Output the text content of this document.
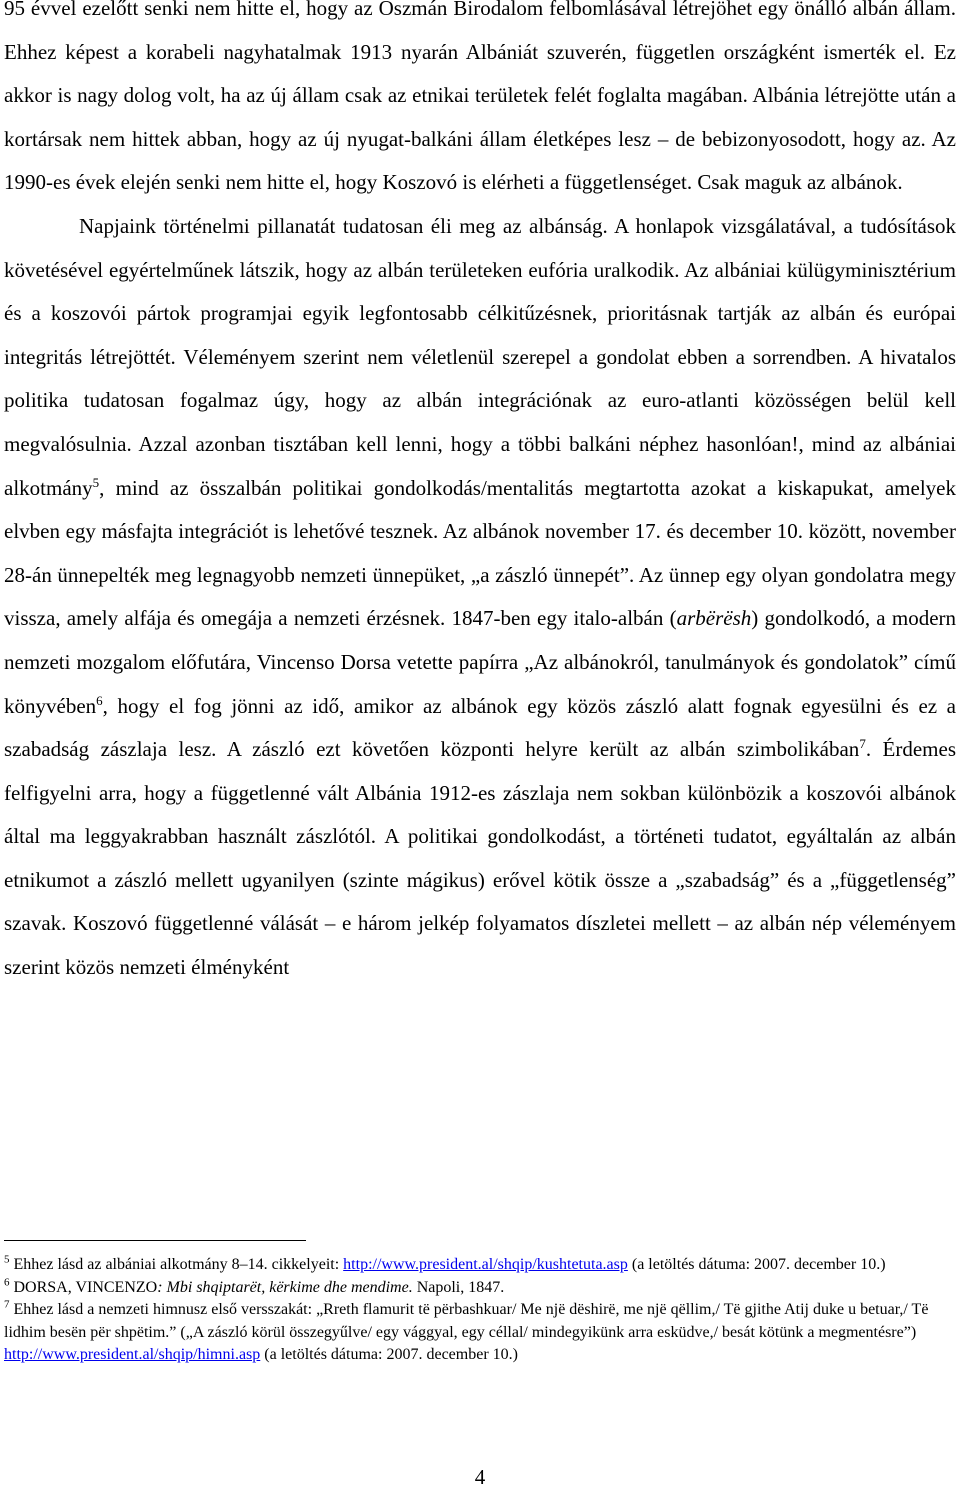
95 évvel ezelőtt senki nem hitte el, hogy az Oszmán Birodalom felbomlásával létrejöhet egy önálló albán állam. Ehhez képest a korabeli nagyhatalmak 1913 nyarán Albániát szuverén, független országként ismerték el. Ez akkor is nagy dolog volt, ha az új állam csak az etnikai területek felét foglalta magában. Albánia létrejötte után a kortársak nem hittek abban, hogy az új nyugat-balkáni állam életképes lesz – de bebizonyosodott, hogy az. Az 1990-es évek elején senki nem hitte el, hogy Koszovó is elérheti a függetlenséget. Csak maguk az albánok.

Napjaink történelmi pillanatát tudatosan éli meg az albánság. A honlapok vizsgálatával, a tudósítások követésével egyértelműnek látszik, hogy az albán területeken eufória uralkodik. Az albániai külügyminisztérium és a koszovói pártok programjai egyik legfontosabb célkitűzésnek, prioritásnak tartják az albán és európai integritás létrejöttét. Véleményem szerint nem véletlenül szerepel a gondolat ebben a sorrendben. A hivatalos politika tudatosan fogalmaz úgy, hogy az albán integrációnak az euro-atlanti közösségen belül kell megvalósulnia. Azzal azonban tisztában kell lenni, hogy a többi balkáni néphez hasonlóan!, mind az albániai alkotmány$^5$, mind az összalbán politikai gondolkodás/mentalitás megtartotta azokat a kiskapukat, amelyek elvben egy másfajta integrációt is lehetővé tesznek. Az albánok november 17. és december 10. között, november 28-án ünnepelték meg legnagyobb nemzeti ünnepüket, „a zászló ünnepét”. Az ünnep egy olyan gondolatra megy vissza, amely alfája és omegája a nemzeti érzésnek. 1847-ben egy italo-albán (arbërësh) gondolkodó, a modern nemzeti mozgalom előfutára, Vincenso Dorsa vetette papírra „Az albánokról, tanulmányok és gondolatok” című könyvében$^6$, hogy el fog jönni az idő, amikor az albánok egy közös zászló alatt fognak egyesülni és ez a szabadság zászlaja lesz. A zászló ezt követően központi helyre került az albán szimbolikában$^7$. Érdemes felfigyelni arra, hogy a függetlenné vált Albánia 1912-es zászlaja nem sokban különbözik a koszovói albánok által ma leggyakrabban használt zászlótól. A politikai gondolkodást, a történeti tudatot, egyáltalán az albán etnikumot a zászló mellett ugyanilyen (szinte mágikus) erővel kötik össze a „szabadság” és a „függetlenség” szavak. Koszovó függetlenné válását – e három jelkép folyamatos díszletei mellett – az albán nép véleményem szerint közös nemzeti élményként

$^5$ Ehhez lásd az albániai alkotmány 8–14. cikkelyeit: http://www.president.al/shqip/kushtetuta.asp (a letöltés dátuma: 2007. december 10.)

$^6$ DORSA, VINCENZO: Mbi shqiptarët, kërkime dhe mendime. Napoli, 1847.

$^7$ Ehhez lásd a nemzeti himnusz első versszakát: „Rreth flamurit të përbashkuar/ Me një dëshirë, me një qëllim,/ Të gjithe Atij duke u betuar,/ Të lidhim besën për shpëtim.” („A zászló körül összegyűlve/ egy vággyal, egy céllal/ mindegyikünk arra esküdve,/ besát kötünk a megmentésre”) http://www.president.al/shqip/himni.asp (a letöltés dátuma: 2007. december 10.)

4
